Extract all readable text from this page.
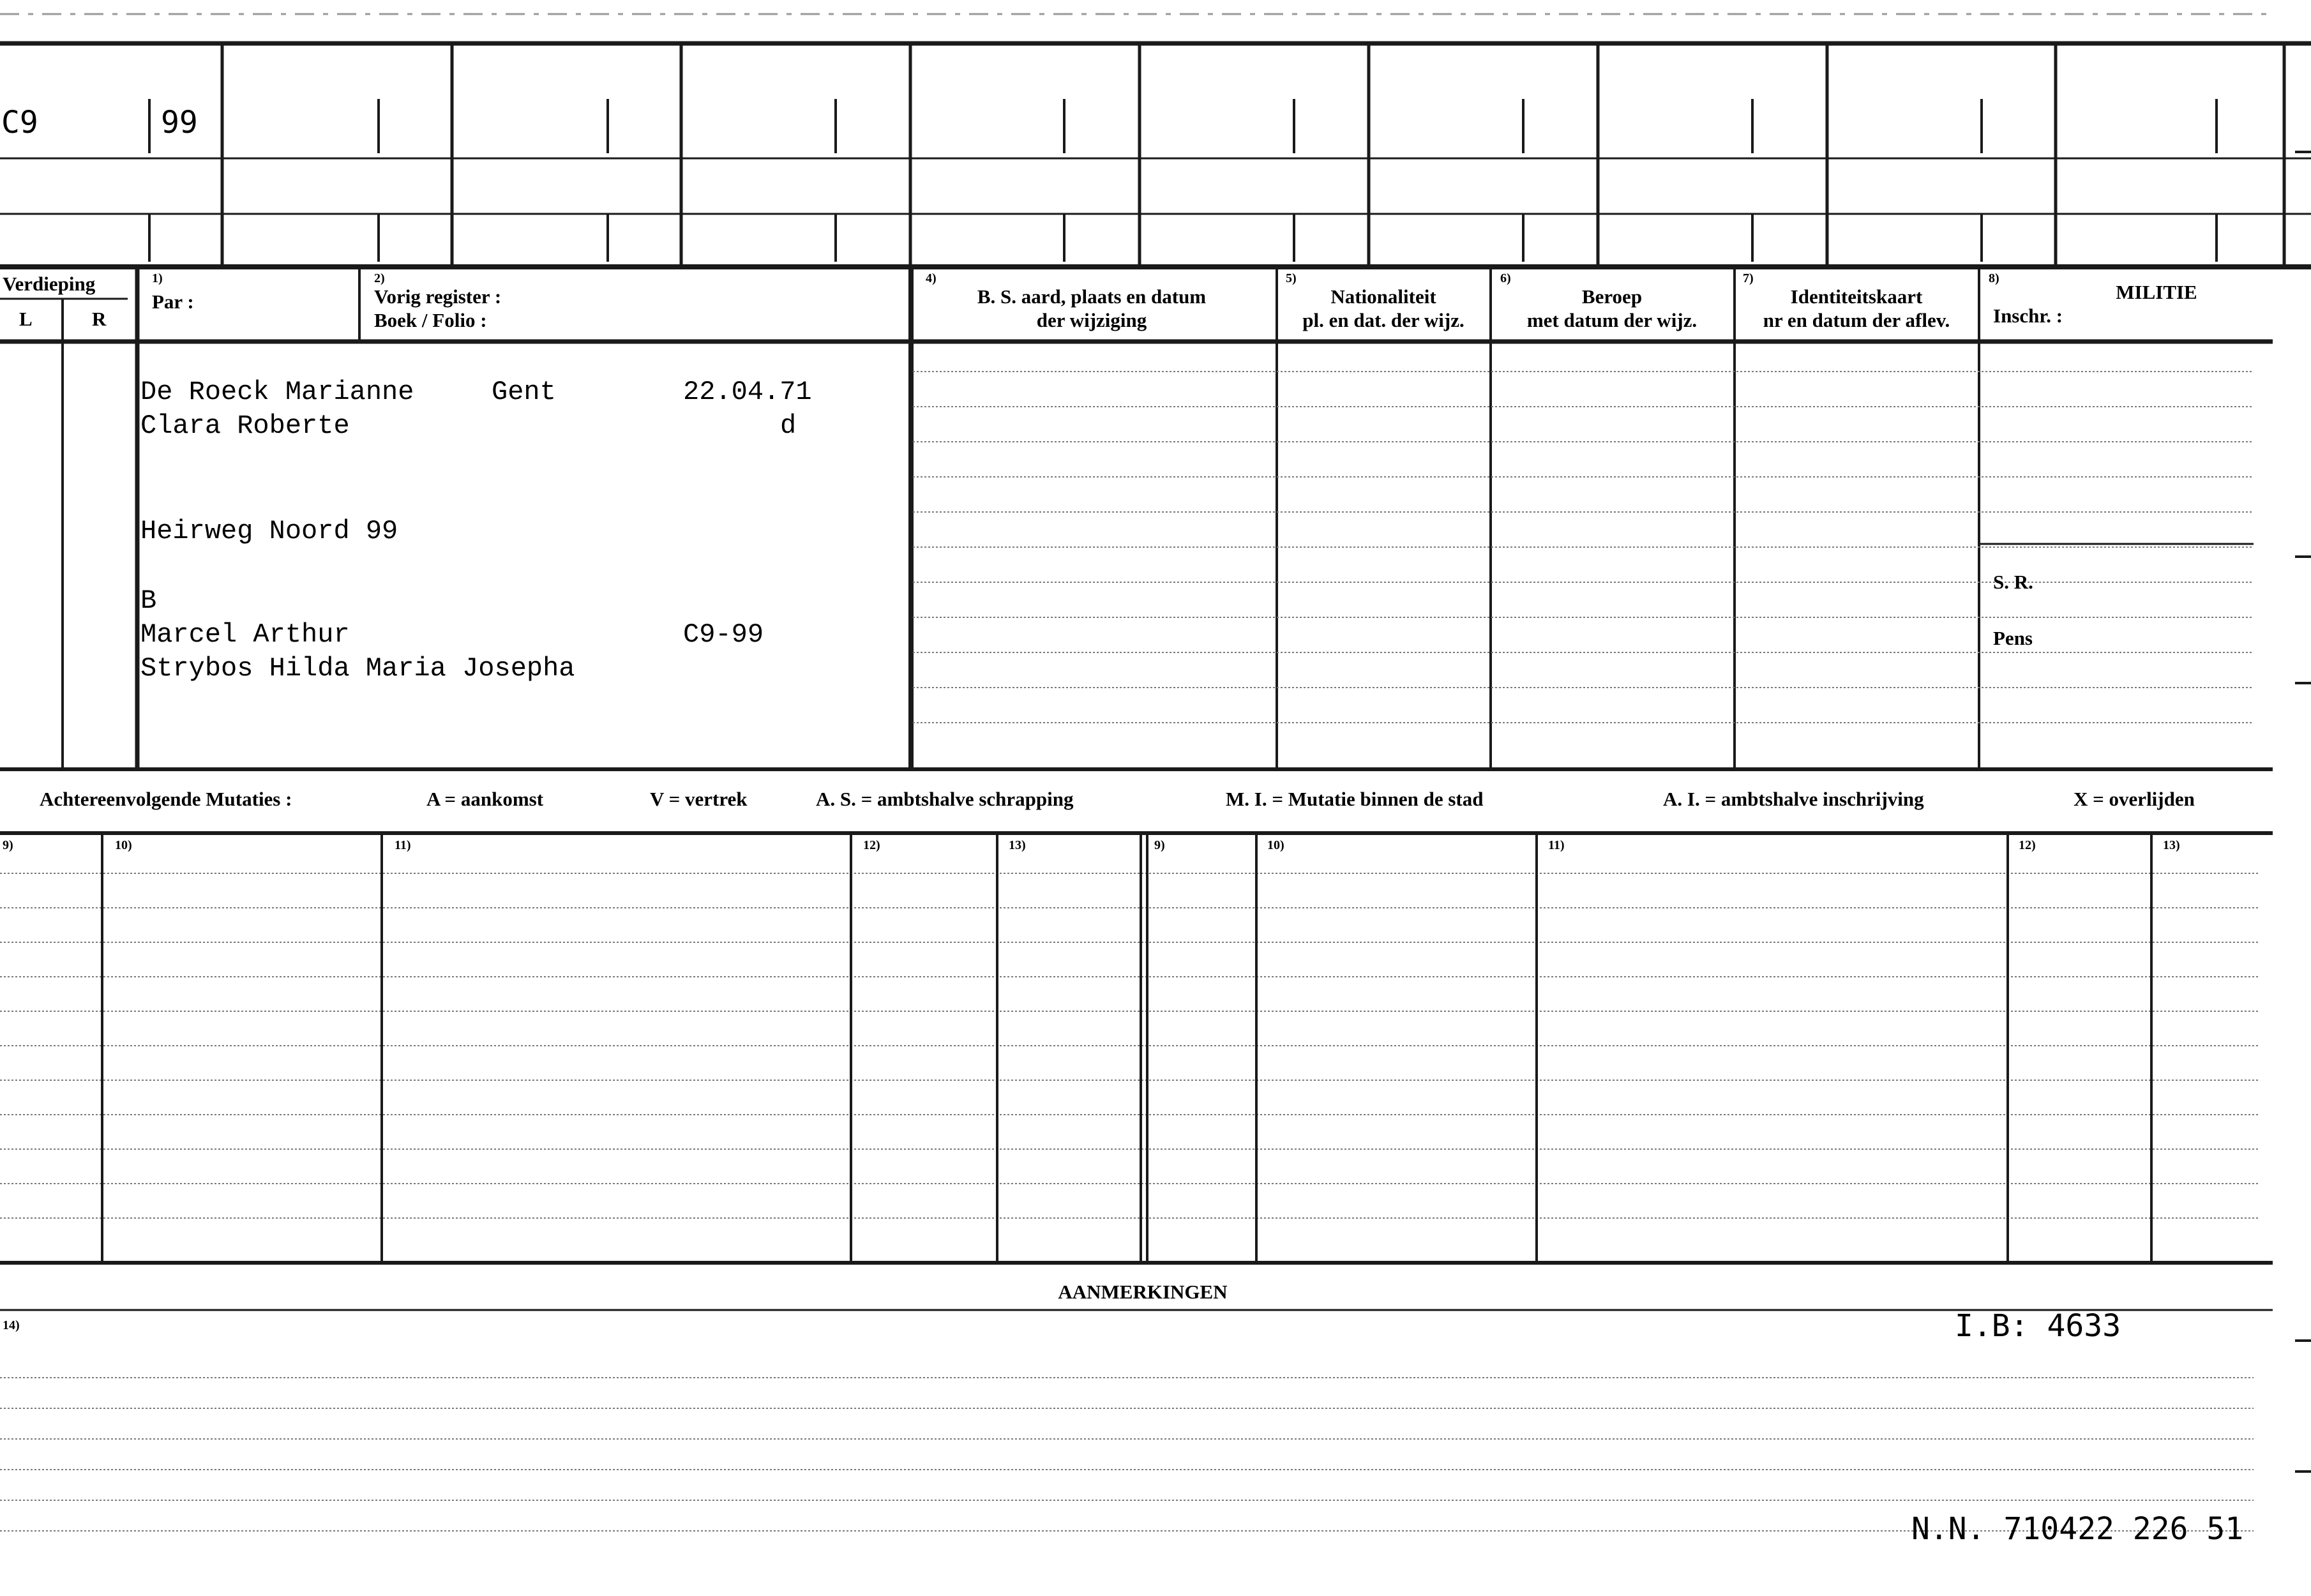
C9	99
Verdieping
L	R
1)
Par :
2)
Vorig register :
Boek / Folio :
4)
B. S. aard, plaats en datum
der wijziging
5)
Nationaliteit
pl. en dat. der wijz.
6)
Beroep
met datum der wijz.
7)
Identiteitskaart
nr en datum der aflev.
8)
MILITIE
Inschr. :
De Roeck Marianne	Gent	22.04.71
Clara Roberte	d
Heirweg Noord 99
B
Marcel Arthur	C9-99
Strybos Hilda Maria Josepha
S. R.
Pens
Achtereenvolgende Mutaties :	A = aankomst	V = vertrek	A. S. = ambtshalve schrapping	M. I. = Mutatie binnen de stad	A. I. = ambtshalve inschrijving	X = overlijden
9)	10)	11)	12)	13)	9)	10)	11)	12)	13)
AANMERKINGEN
14)	I.B: 4633
N.N. 710422 226 51
